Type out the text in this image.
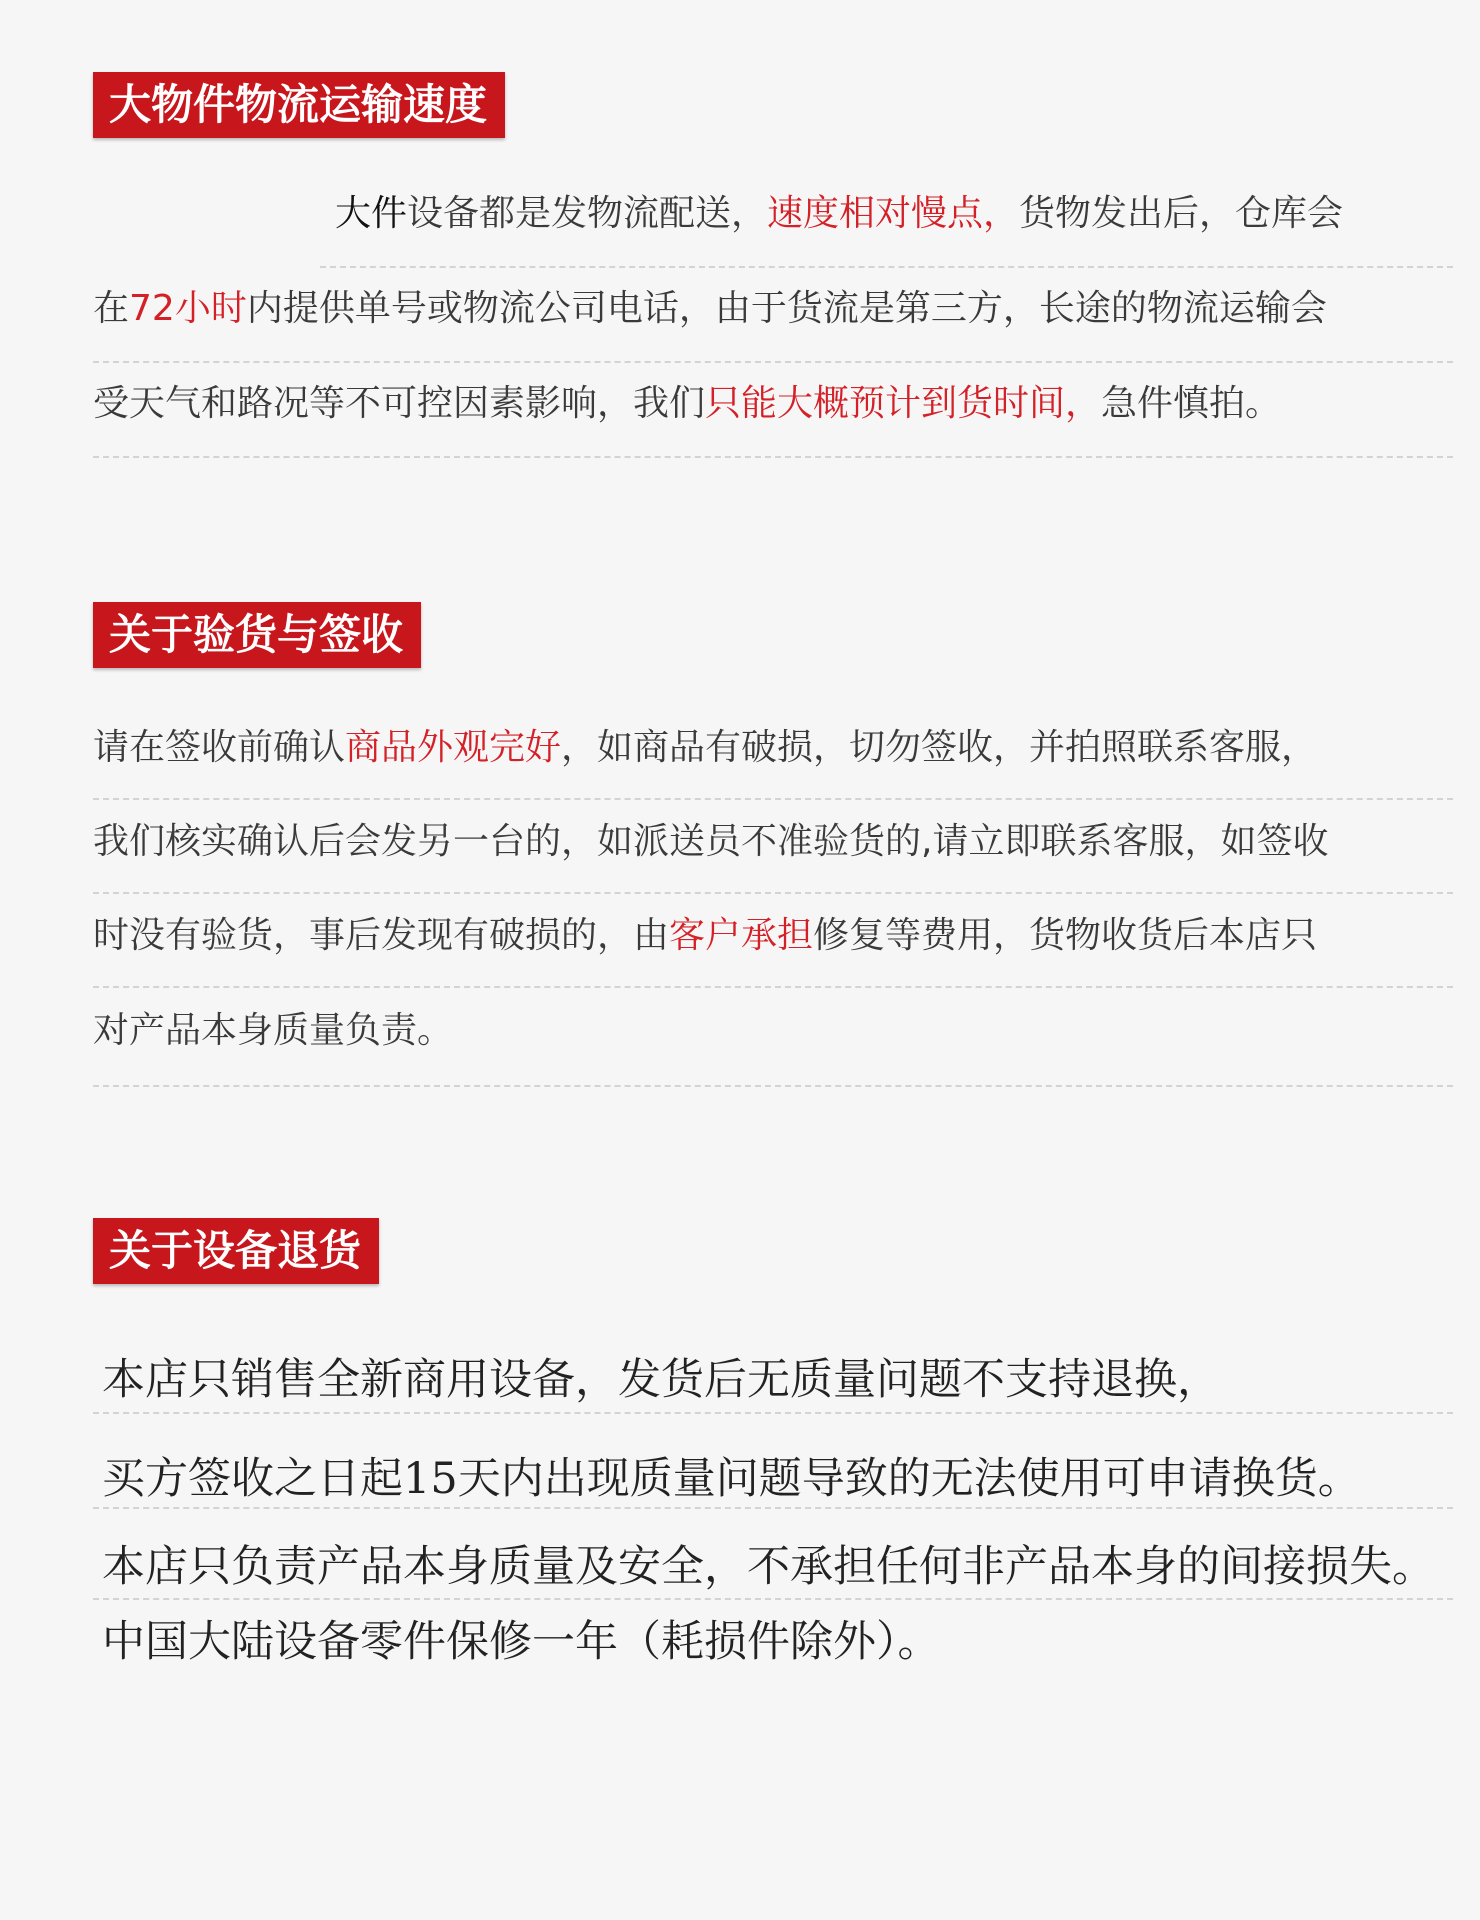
大物件物流运输速度
大件设备都是发物流配送，速度相对慢点，货物发出后，仓库会
在72小时内提供单号或物流公司电话，由于货流是第三方，长途的物流运输会
受天气和路况等不可控因素影响，我们只能大概预计到货时间，急件慎拍。
关于验货与签收
请在签收前确认商品外观完好，如商品有破损，切勿签收，并拍照联系客服，
我们核实确认后会发另一台的，如派送员不准验货的,请立即联系客服，如签收
时没有验货，事后发现有破损的，由客户承担修复等费用，货物收货后本店只
对产品本身质量负责。
关于设备退货
本店只销售全新商用设备，发货后无质量问题不支持退换，
买方签收之日起15天内出现质量问题导致的无法使用可申请换货。
本店只负责产品本身质量及安全，不承担任何非产品本身的间接损失。
中国大陆设备零件保修一年（耗损件除外）。
